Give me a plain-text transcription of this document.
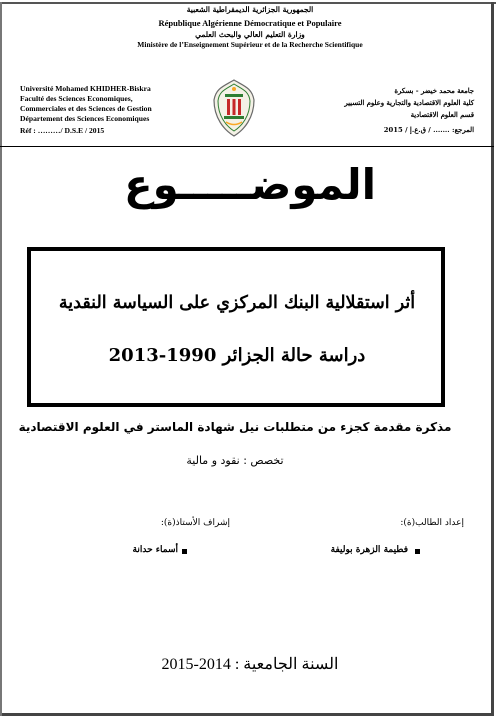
الجمهورية الجزائرية الديمقراطية الشعبية
République Algérienne Démocratique et Populaire
وزارة التعليم العالي والبحث العلمي
Ministère de l’Enseignement Supérieur et de la Recherche Scientifique
Université Mohamed KHIDHER-Biskra
Faculté des Sciences Economiques,
Commerciales et des Sciences de Gestion
Département des Sciences Economiques
Réf : ………/ D.S.E / 2015
جامعة محمد خيضر - بسكرة
كلية العلوم الاقتصادية والتجارية وعلوم التسيير
قسم العلوم الاقتصادية
المرجع: ....... / ق.ع.إ / 2015
الموضـــــوع
أثر استقلالية البنك المركزي على السياسة النقدية
دراسة حالة الجزائر 1990-2013
مذكرة مقدمة كجزء من متطلبات نيل شهادة الماستر في العلوم الاقتصادية
تخصص : نقود و مالية
إعداد الطالب(ة):
إشراف الأستاذ(ة):
فطيمة الزهرة بوليفة
أسماء حدانة
السنة الجامعية : 2014-2015
